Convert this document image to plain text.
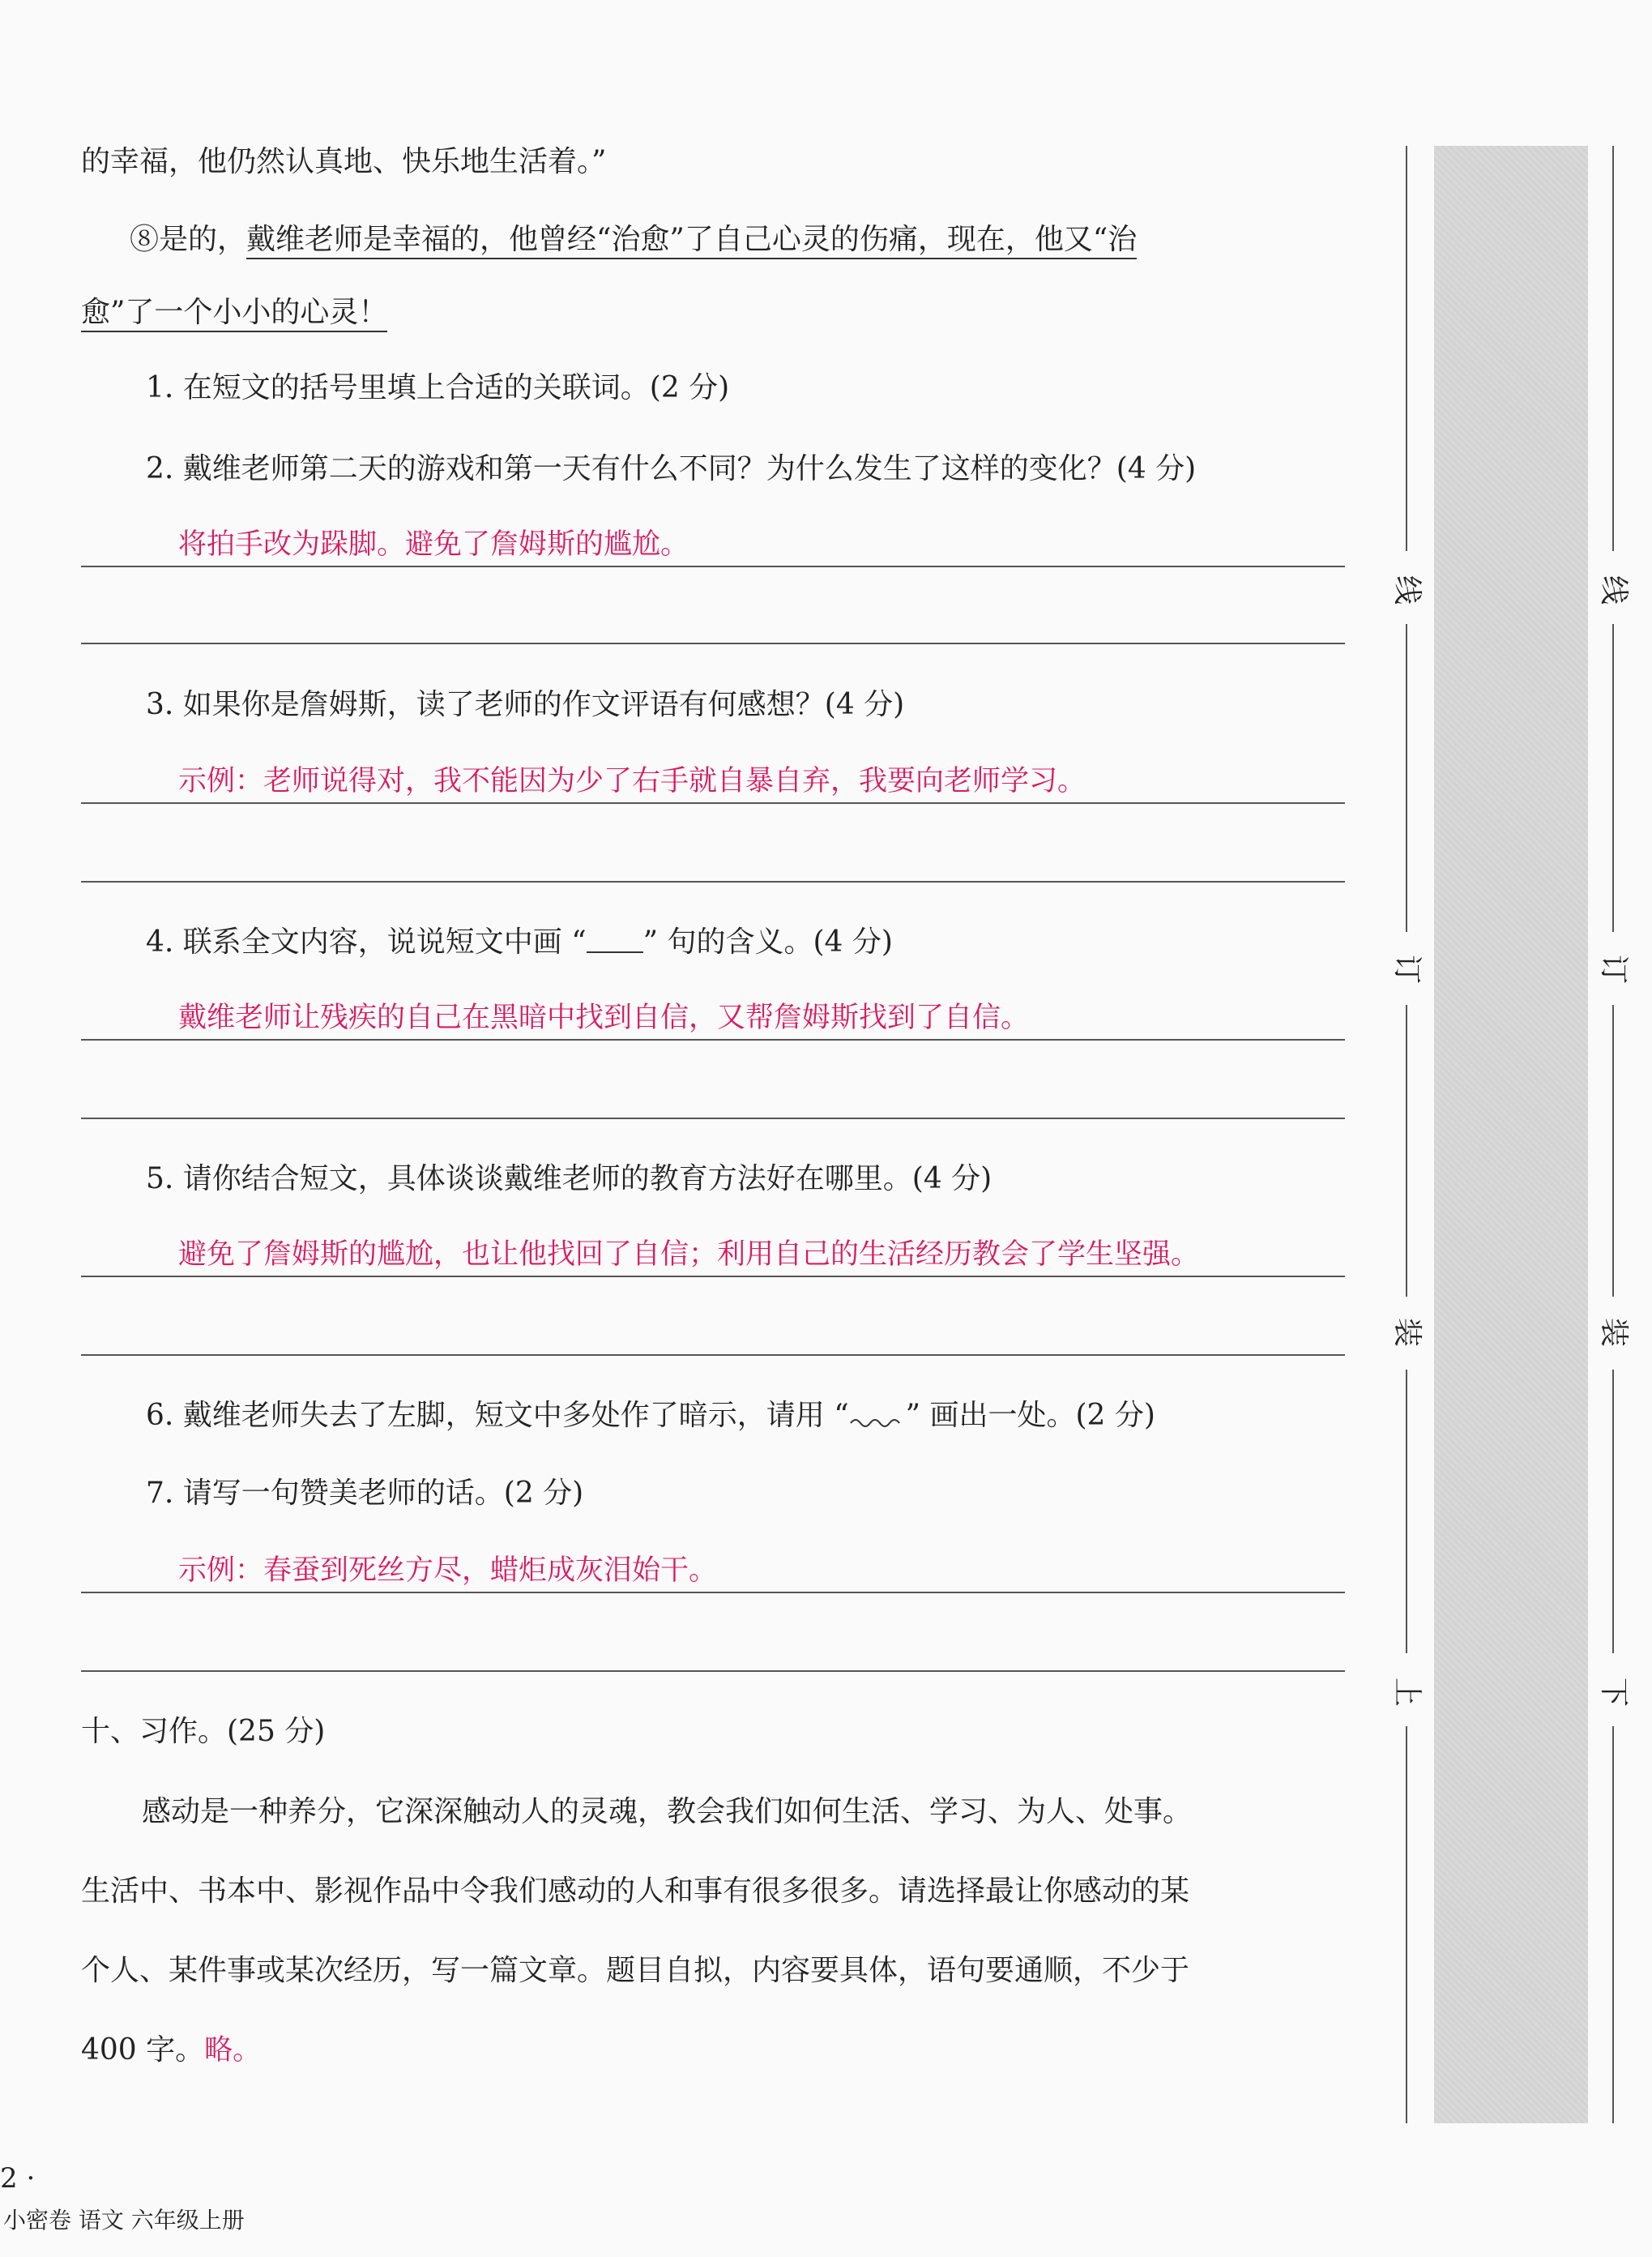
的幸福，他仍然认真地、快乐地生活着。”
⑧是的，戴维老师是幸福的，他曾经“治愈”了自己心灵的伤痛，现在，他又“治
愈”了一个小小的心灵！
1. 在短文的括号里填上合适的关联词。(2 分)
2. 戴维老师第二天的游戏和第一天有什么不同？为什么发生了这样的变化？(4 分)
将拍手改为跺脚。避免了詹姆斯的尴尬。
3. 如果你是詹姆斯，读了老师的作文评语有何感想？(4 分)
示例：老师说得对，我不能因为少了右手就自暴自弃，我要向老师学习。
4. 联系全文内容，说说短文中画 “ ” 句的含义。(4 分)
戴维老师让残疾的自己在黑暗中找到自信，又帮詹姆斯找到了自信。
5. 请你结合短文，具体谈谈戴维老师的教育方法好在哪里。(4 分)
避免了詹姆斯的尴尬，也让他找回了自信；利用自己的生活经历教会了学生坚强。
6. 戴维老师失去了左脚，短文中多处作了暗示，请用 “ ” 画出一处。(2 分)
7. 请写一句赞美老师的话。(2 分)
示例：春蚕到死丝方尽，蜡炬成灰泪始干。
十、习作。(25 分)
感动是一种养分，它深深触动人的灵魂，教会我们如何生活、学习、为人、处事。
生活中、书本中、影视作品中令我们感动的人和事有很多很多。请选择最让你感动的某
个人、某件事或某次经历，写一篇文章。题目自拟，内容要具体，语句要通顺，不少于
400 字。略。
线
订
装
上
线
订
装
下
2 ·
小密卷 语文 六年级上册
